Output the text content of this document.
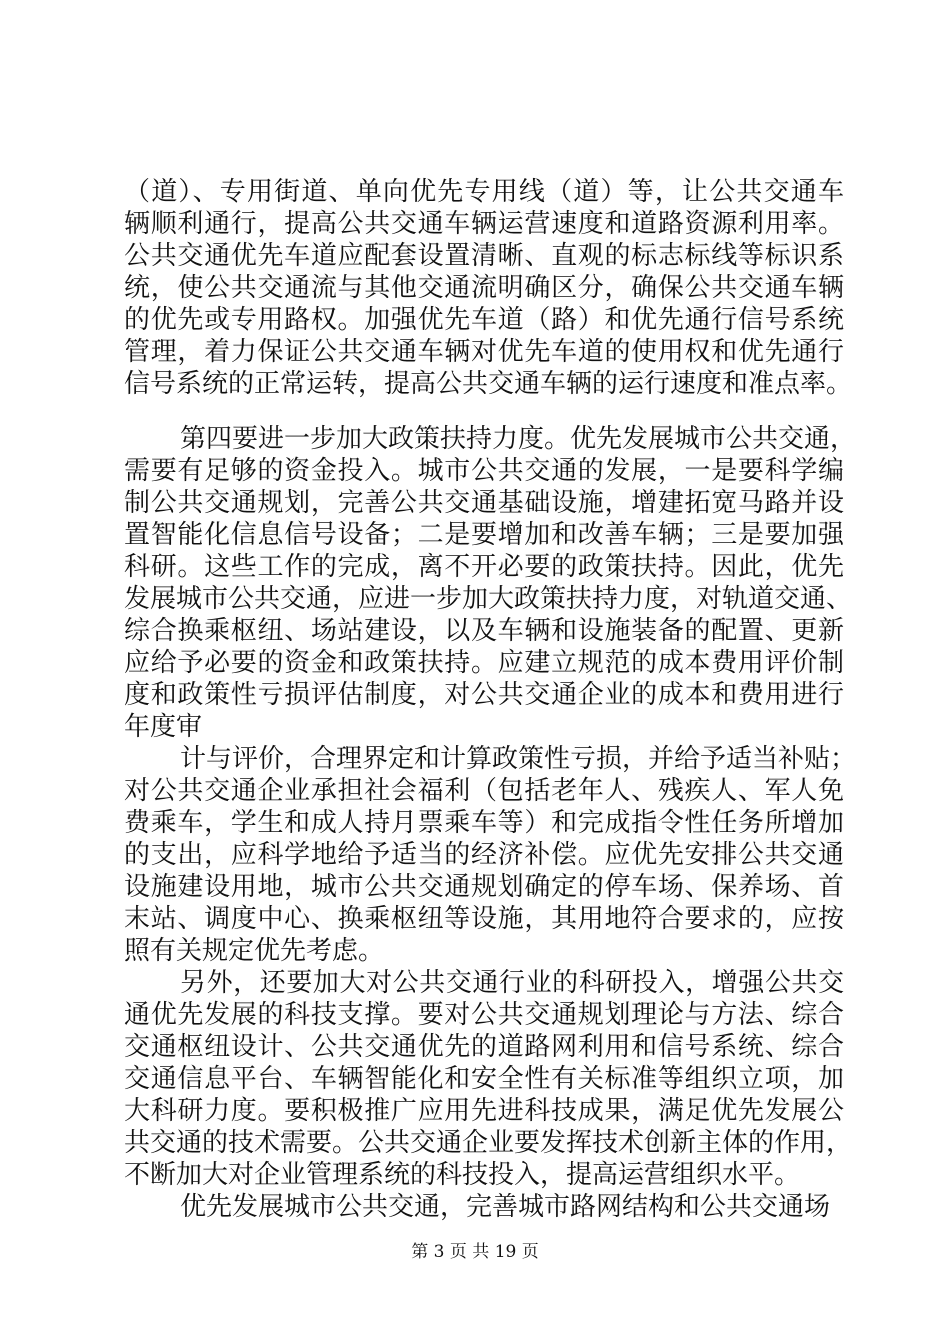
（道）、专用街道、单向优先专用线（道）等，让公共交通车
辆顺利通行，提高公共交通车辆运营速度和道路资源利用率。
公共交通优先车道应配套设置清晰、直观的标志标线等标识系
统，使公共交通流与其他交通流明确区分，确保公共交通车辆
的优先或专用路权。加强优先车道（路）和优先通行信号系统
管理，着力保证公共交通车辆对优先车道的使用权和优先通行
信号系统的正常运转，提高公共交通车辆的运行速度和准点率。
第四要进一步加大政策扶持力度。优先发展城市公共交通，
需要有足够的资金投入。城市公共交通的发展，一是要科学编
制公共交通规划，完善公共交通基础设施，增建拓宽马路并设
置智能化信息信号设备；二是要增加和改善车辆；三是要加强
科研。这些工作的完成，离不开必要的政策扶持。因此，优先
发展城市公共交通，应进一步加大政策扶持力度，对轨道交通、
综合换乘枢纽、场站建设，以及车辆和设施装备的配置、更新
应给予必要的资金和政策扶持。应建立规范的成本费用评价制
度和政策性亏损评估制度，对公共交通企业的成本和费用进行
年度审
计与评价，合理界定和计算政策性亏损，并给予适当补贴；
对公共交通企业承担社会福利（包括老年人、残疾人、军人免
费乘车，学生和成人持月票乘车等）和完成指令性任务所增加
的支出，应科学地给予适当的经济补偿。应优先安排公共交通
设施建设用地，城市公共交通规划确定的停车场、保养场、首
末站、调度中心、换乘枢纽等设施，其用地符合要求的，应按
照有关规定优先考虑。
另外，还要加大对公共交通行业的科研投入，增强公共交
通优先发展的科技支撑。要对公共交通规划理论与方法、综合
交通枢纽设计、公共交通优先的道路网利用和信号系统、综合
交通信息平台、车辆智能化和安全性有关标准等组织立项，加
大科研力度。要积极推广应用先进科技成果，满足优先发展公
共交通的技术需要。公共交通企业要发挥技术创新主体的作用，
不断加大对企业管理系统的科技投入，提高运营组织水平。
优先发展城市公共交通，完善城市路网结构和公共交通场
第 3 页 共 19 页
